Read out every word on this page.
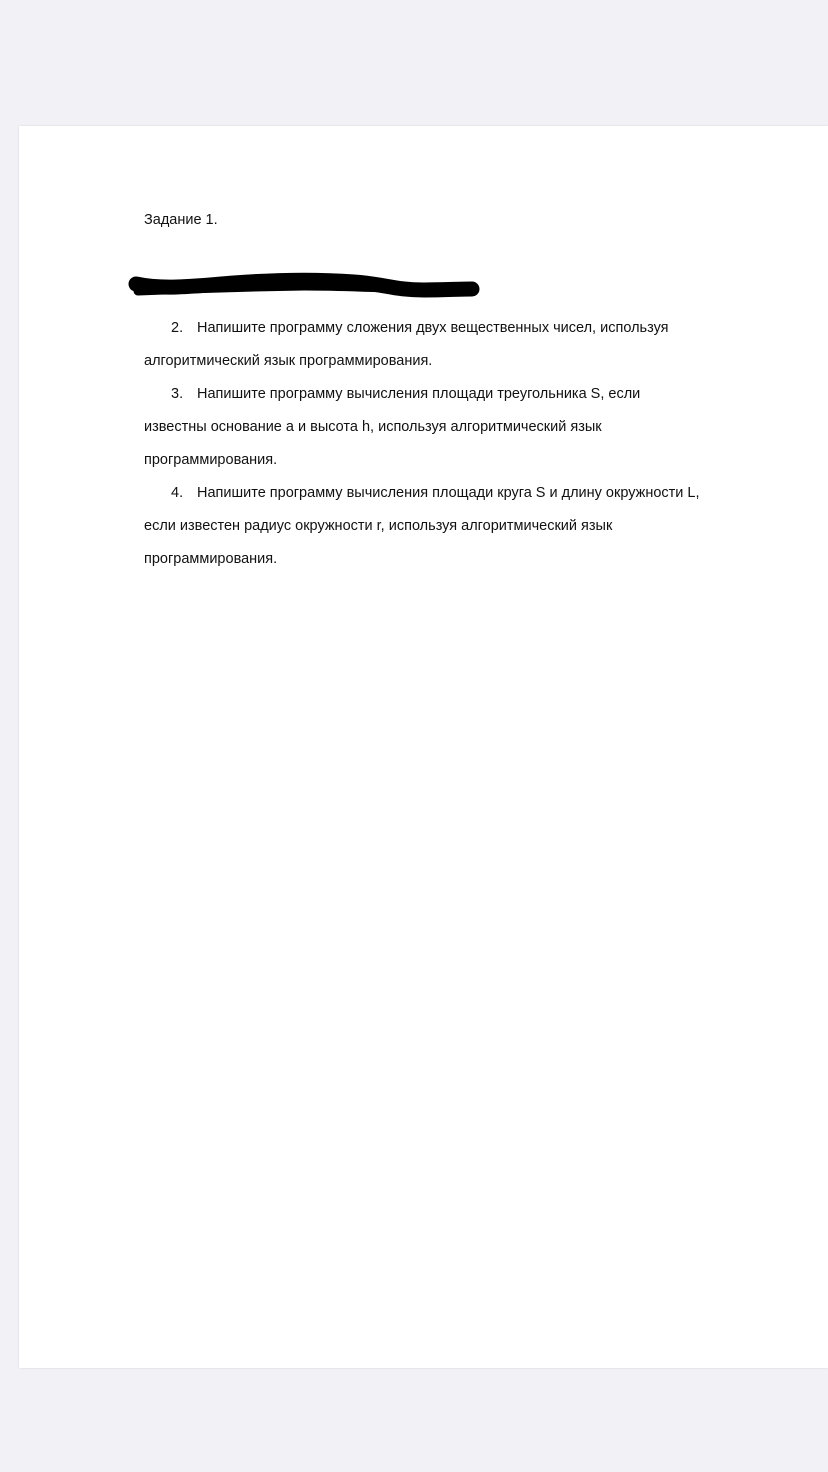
Задание 1.

2. Напишите программу сложения двух вещественных чисел, используя алгоритмический язык программирования.
3. Напишите программу вычисления площади треугольника S, если известны основание a и высота h, используя алгоритмический язык программирования.
4. Напишите программу вычисления площади круга S и длину окружности L, если известен радиус окружности r, используя алгоритмический язык программирования.
